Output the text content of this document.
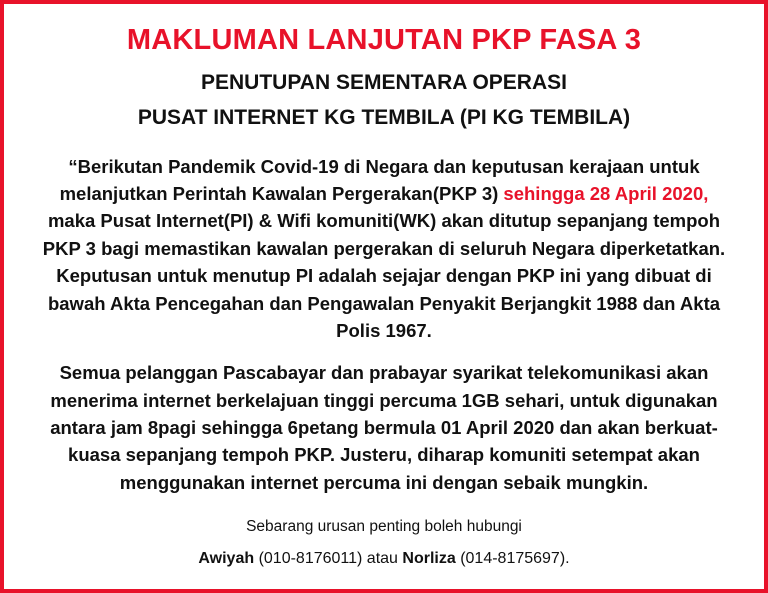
MAKLUMAN LANJUTAN PKP FASA 3
PENUTUPAN SEMENTARA OPERASI
PUSAT INTERNET KG TEMBILA (PI KG TEMBILA)

“Berikutan Pandemik Covid-19 di Negara dan keputusan kerajaan untuk melanjutkan Perintah Kawalan Pergerakan(PKP 3) sehingga 28 April 2020, maka Pusat Internet(PI) & Wifi komuniti(WK) akan ditutup sepanjang tempoh PKP 3 bagi memastikan kawalan pergerakan di seluruh Negara diperketatkan. Keputusan untuk menutup PI adalah sejajar dengan PKP ini yang dibuat di bawah Akta Pencegahan dan Pengawalan Penyakit Berjangkit 1988 dan Akta Polis 1967.

Semua pelanggan Pascabayar dan prabayar syarikat telekomunikasi akan menerima internet berkelajuan tinggi percuma 1GB sehari, untuk digunakan antara jam 8pagi sehingga 6petang bermula 01 April 2020 dan akan berkuat-kuasa sepanjang tempoh PKP. Justeru, diharap komuniti setempat akan menggunakan internet percuma ini dengan sebaik mungkin.

Sebarang urusan penting boleh hubungi
Awiyah (010-8176011) atau Norliza (014-8175697).
